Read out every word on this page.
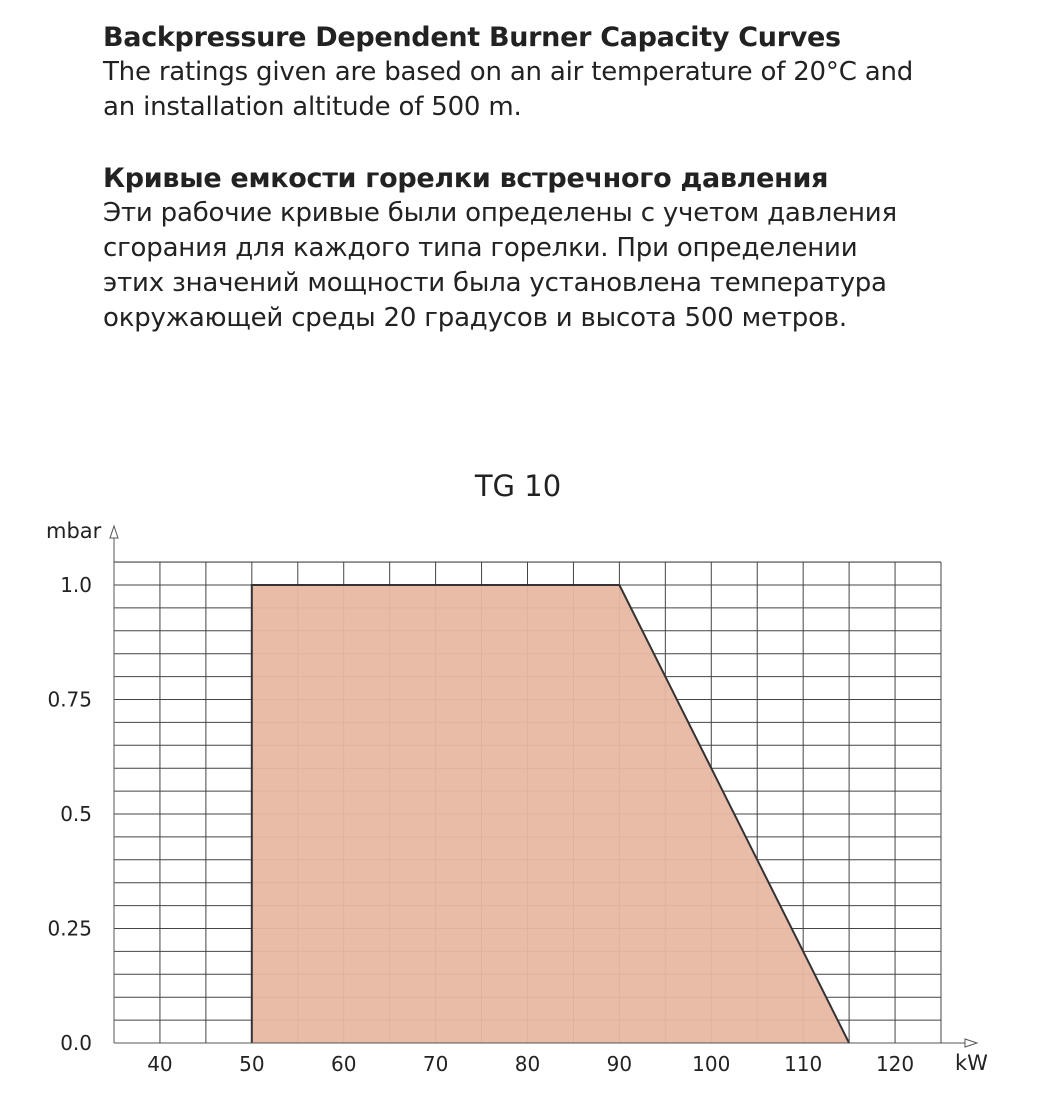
Backpressure Dependent Burner Capacity Curves

The ratings given are based on an air temperature of 20°C and

an installation altitude of 500 m.

Кривые емкости горелки встречного давления

Эти рабочие кривые были определены с учетом давления

сгорания для каждого типа горелки. При определении

этих значений мощности была установлена температура

окружающей среды 20 градусов и высота 500 метров.

TG 10
mbar
kW
40	50	60	70	80	90	100	110	120
0.0
0.25
0.5
0.75
1.0
